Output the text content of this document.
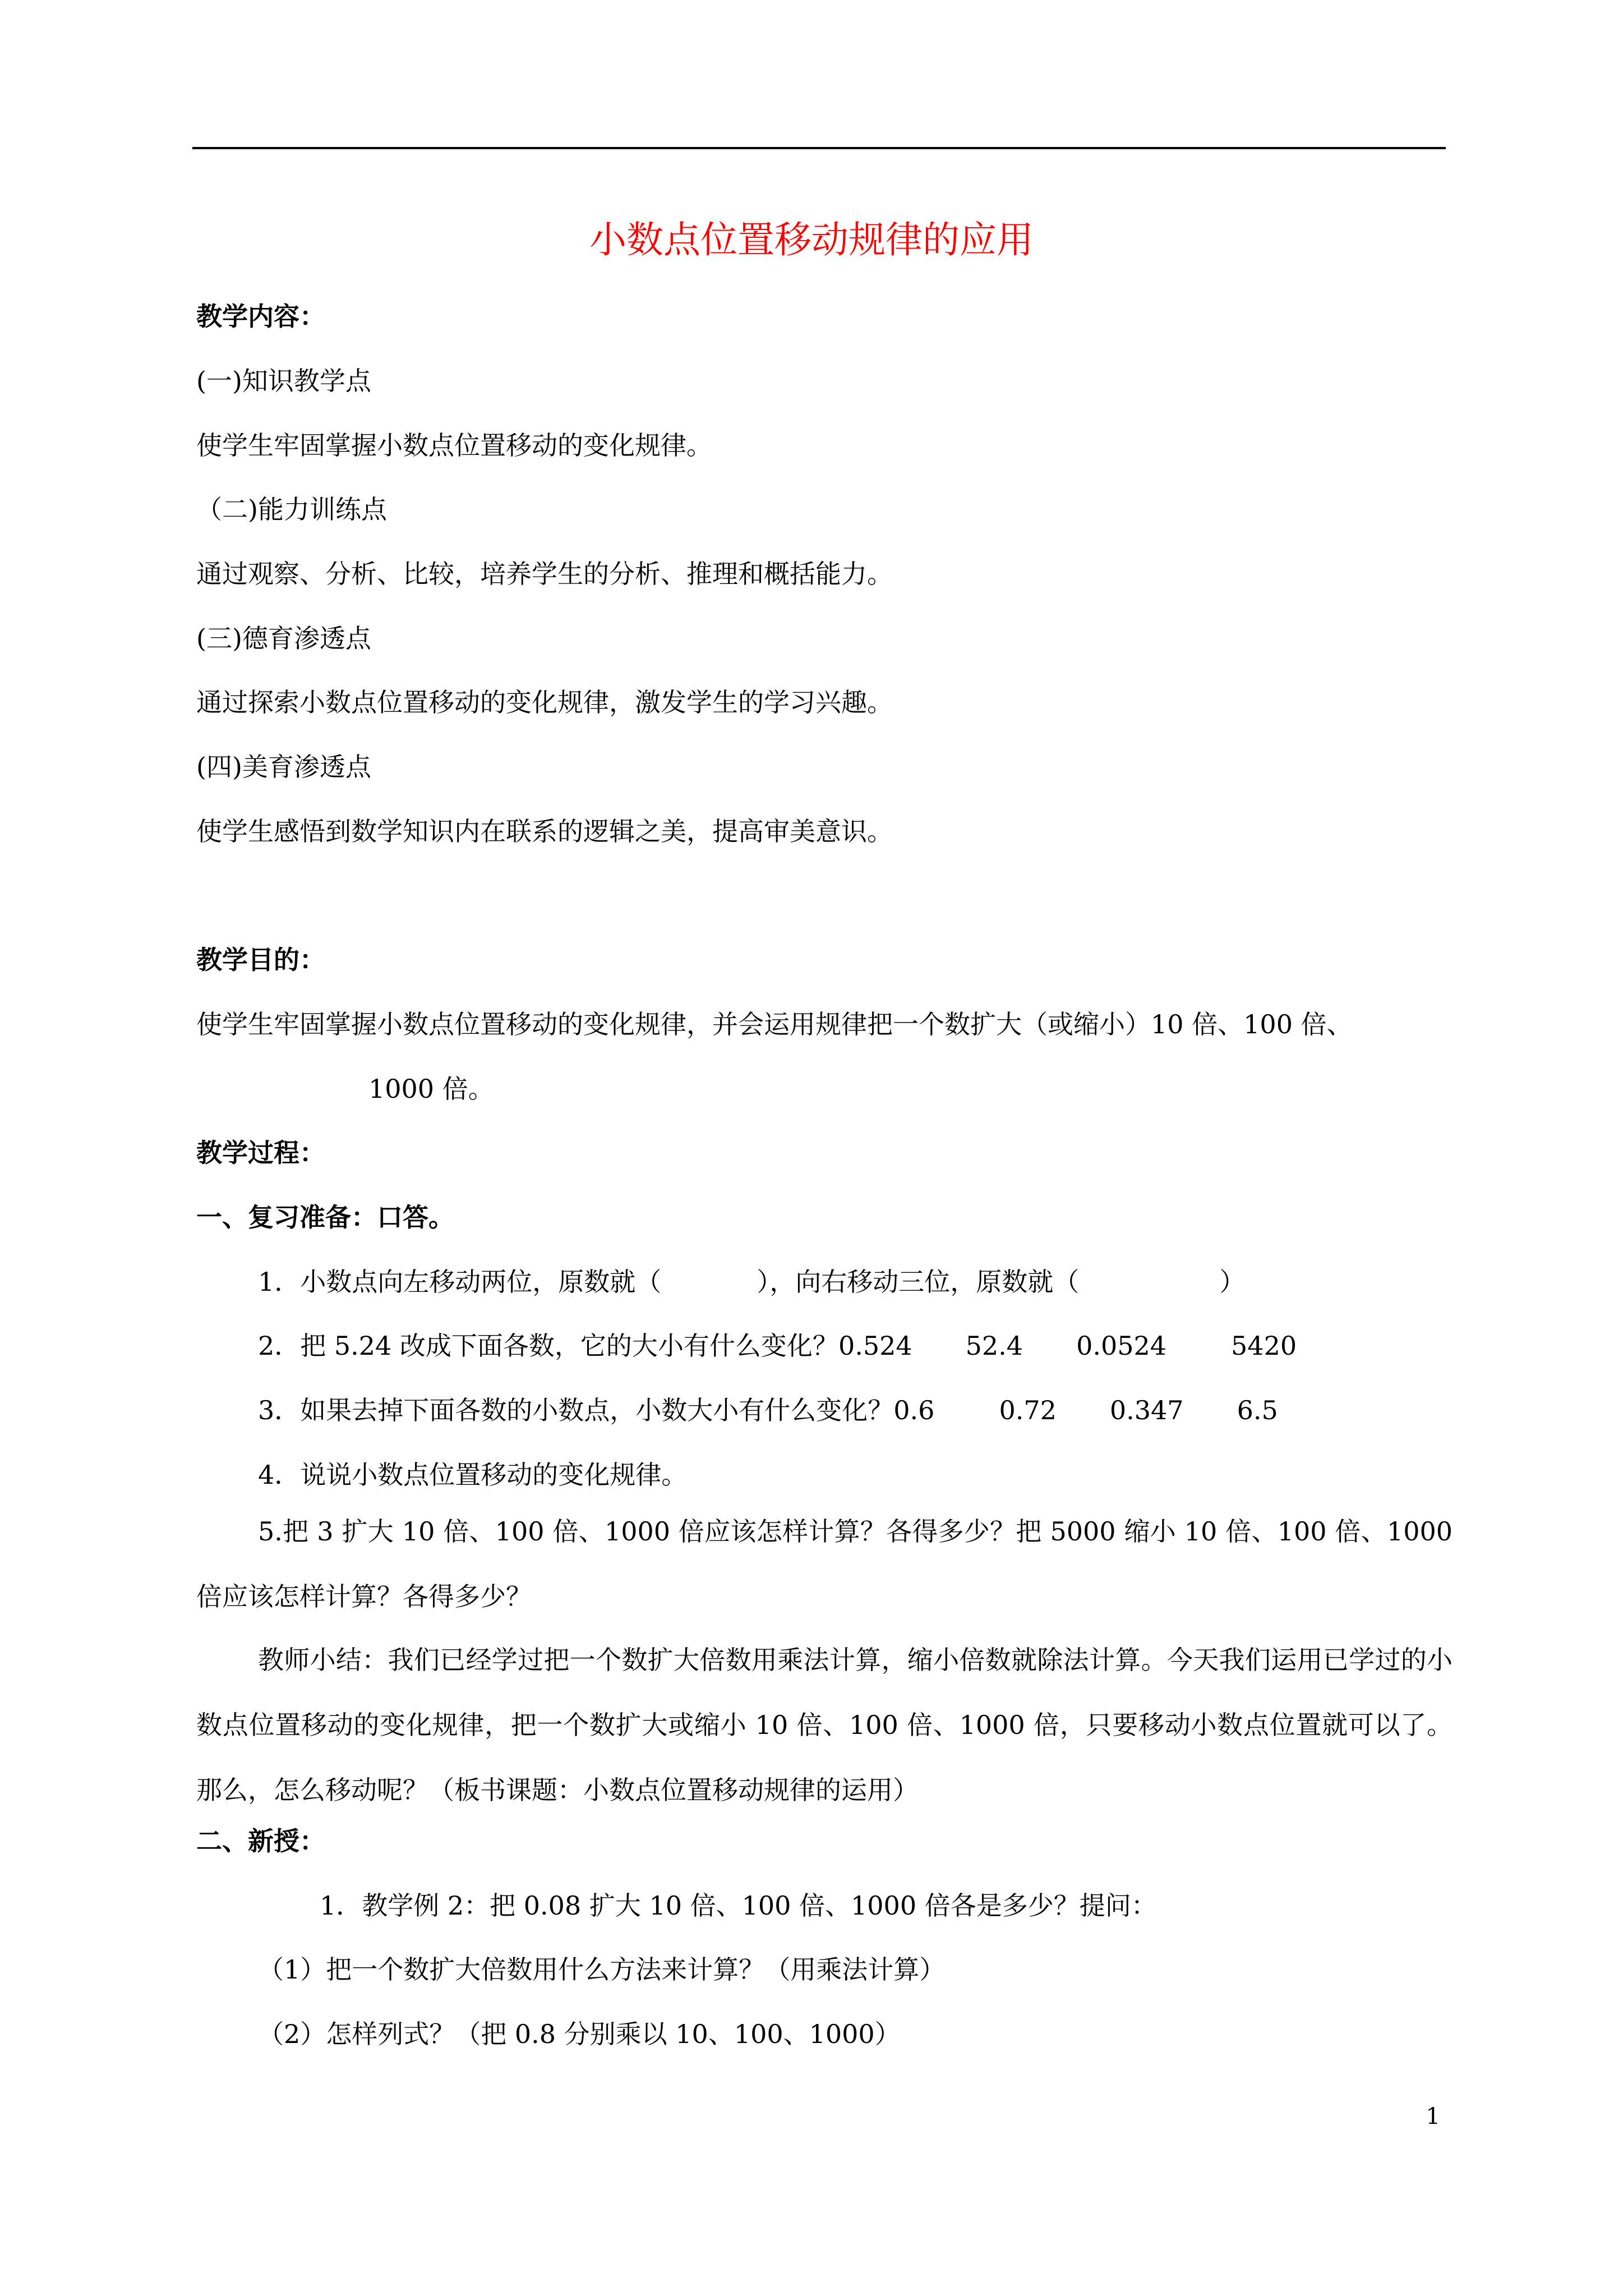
小数点位置移动规律的应用
教学内容：
(一)知识教学点
使学生牢固掌握小数点位置移动的变化规律。
（二)能力训练点
通过观察、分析、比较，培养学生的分析、推理和概括能力。
(三)德育渗透点
通过探索小数点位置移动的变化规律，激发学生的学习兴趣。
(四)美育渗透点
使学生感悟到数学知识内在联系的逻辑之美，提高审美意识。
教学目的：
使学生牢固掌握小数点位置移动的变化规律，并会运用规律把一个数扩大（或缩小）10 倍、100 倍、
1000 倍。
教学过程：
一、复习准备：口答。
1．小数点向左移动两位，原数就（	），向右移动三位，原数就（	）
2．把 5.24 改成下面各数，它的大小有什么变化？0.524 52.4 0.0524	5420
3．如果去掉下面各数的小数点，小数大小有什么变化？0.6	0.72 0.347 6.5
4．说说小数点位置移动的变化规律。

5.把 3 扩大 10 倍、100 倍、1000 倍应该怎样计算？各得多少？把 5000 缩小 10 倍、100 倍、1000 倍应该怎样计算？各得多少？

教师小结：我们已经学过把一个数扩大倍数用乘法计算，缩小倍数就除法计算。今天我们运用已学过的小数点位置移动的变化规律，把一个数扩大或缩小 10 倍、100 倍、1000 倍，只要移动小数点位置就可以了。那么，怎么移动呢？（板书课题：小数点位置移动规律的运用）

二、新授：
1．教学例 2：把 0.08 扩大 10 倍、100 倍、1000 倍各是多少？提问：
（1）把一个数扩大倍数用什么方法来计算？（用乘法计算）
（2）怎样列式？（把 0.8 分别乘以 10、100、1000）
1
